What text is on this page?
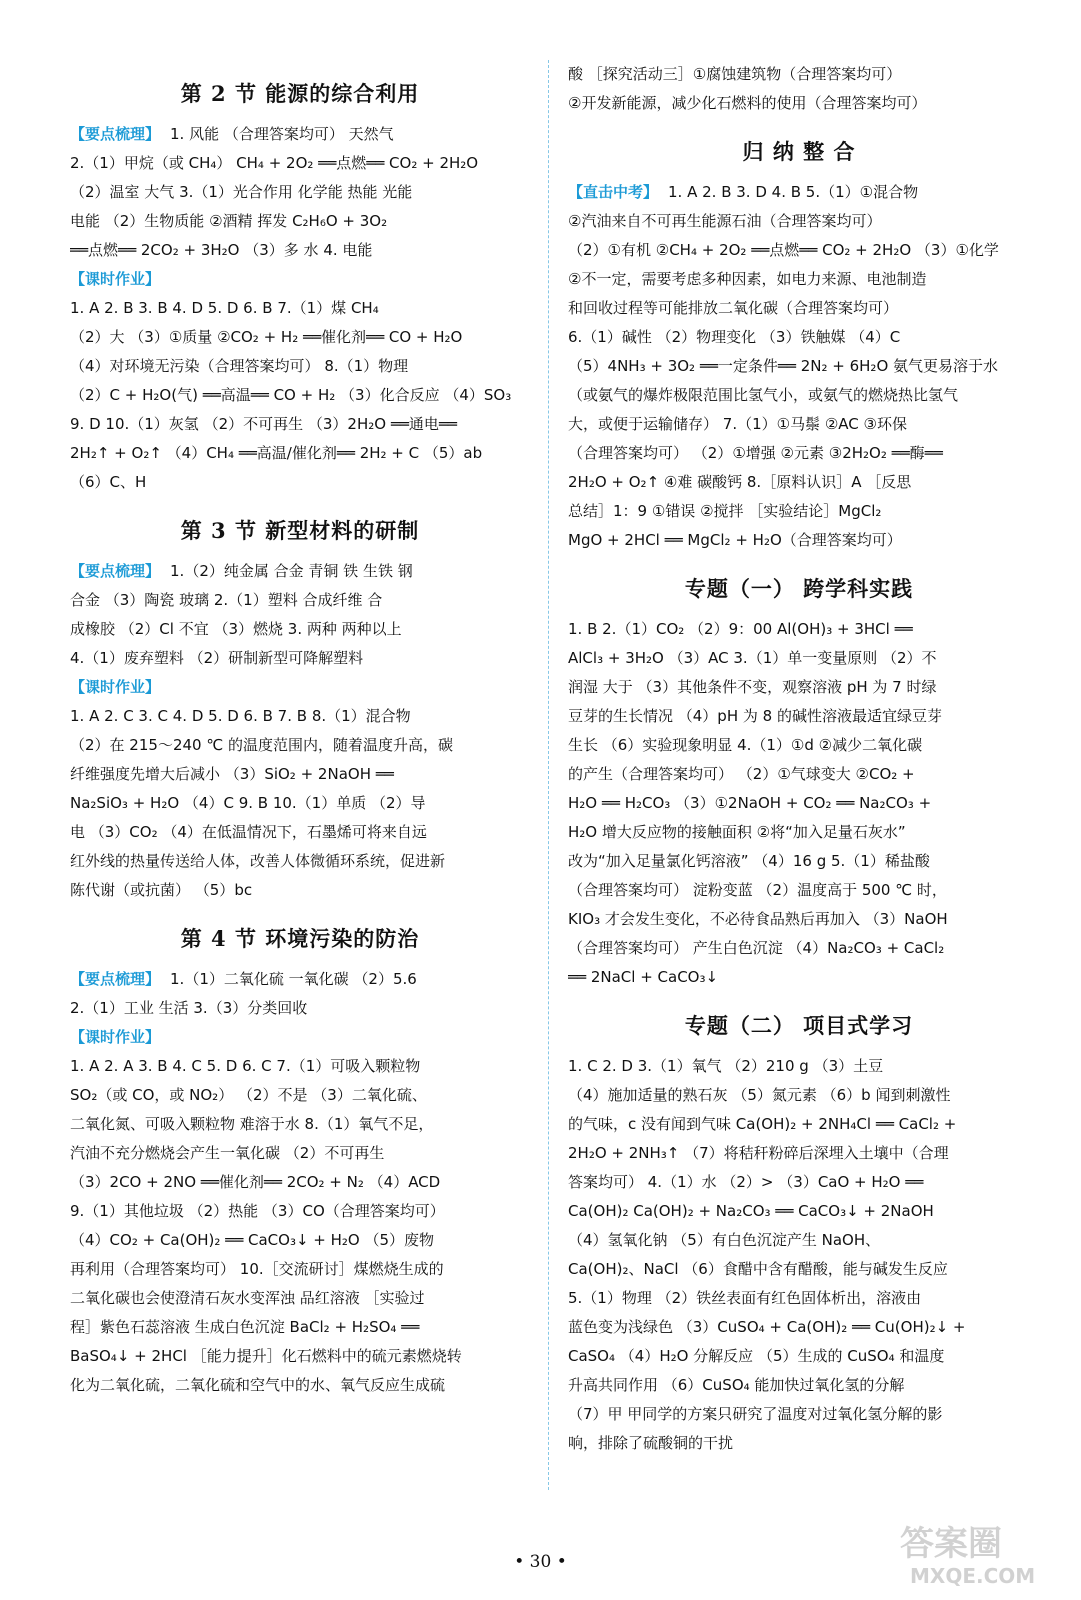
第 2 节 能源的综合利用
【要点梳理】 1. 风能 （合理答案均可） 天然气
2.（1）甲烷（或 CH₄） CH₄ + 2O₂ ══点燃══ CO₂ + 2H₂O
（2）温室 大气 3.（1）光合作用 化学能 热能 光能
电能 （2）生物质能 ②酒精 挥发 C₂H₆O + 3O₂
══点燃══ 2CO₂ + 3H₂O （3）多 水 4. 电能
【课时作业】
1. A 2. B 3. B 4. D 5. D 6. B 7.（1）煤 CH₄
（2）大 （3）①质量 ②CO₂ + H₂ ══催化剂══ CO + H₂O
（4）对环境无污染（合理答案均可） 8.（1）物理
（2）C + H₂O(气) ══高温══ CO + H₂ （3）化合反应 （4）SO₃
9. D 10.（1）灰氢 （2）不可再生 （3）2H₂O ══通电══
2H₂↑ + O₂↑ （4）CH₄ ══高温/催化剂══ 2H₂ + C （5）ab
（6）C、H
第 3 节 新型材料的研制
【要点梳理】 1.（2）纯金属 合金 青铜 铁 生铁 钢
合金 （3）陶瓷 玻璃 2.（1）塑料 合成纤维 合
成橡胶 （2）Cl 不宜 （3）燃烧 3. 两种 两种以上
4.（1）废弃塑料 （2）研制新型可降解塑料
【课时作业】
1. A 2. C 3. C 4. D 5. D 6. B 7. B 8.（1）混合物
（2）在 215～240 ℃ 的温度范围内，随着温度升高，碳
纤维强度先增大后减小 （3）SiO₂ + 2NaOH ══
Na₂SiO₃ + H₂O （4）C 9. B 10.（1）单质 （2）导
电 （3）CO₂ （4）在低温情况下，石墨烯可将来自远
红外线的热量传送给人体，改善人体微循环系统，促进新
陈代谢（或抗菌） （5）bc
第 4 节 环境污染的防治
【要点梳理】 1.（1）二氧化硫 一氧化碳 （2）5.6
2.（1）工业 生活 3.（3）分类回收
【课时作业】
1. A 2. A 3. B 4. C 5. D 6. C 7.（1）可吸入颗粒物
SO₂（或 CO，或 NO₂） （2）不是 （3）二氧化硫、
二氧化氮、可吸入颗粒物 难溶于水 8.（1）氧气不足，
汽油不充分燃烧会产生一氧化碳 （2）不可再生
（3）2CO + 2NO ══催化剂══ 2CO₂ + N₂ （4）ACD
9.（1）其他垃圾 （2）热能 （3）CO（合理答案均可）
（4）CO₂ + Ca(OH)₂ ══ CaCO₃↓ + H₂O （5）废物
再利用（合理答案均可） 10.［交流研讨］煤燃烧生成的
二氧化碳也会使澄清石灰水变浑浊 品红溶液 ［实验过
程］紫色石蕊溶液 生成白色沉淀 BaCl₂ + H₂SO₄ ══
BaSO₄↓ + 2HCl ［能力提升］化石燃料中的硫元素燃烧转
化为二氧化硫，二氧化硫和空气中的水、氧气反应生成硫
酸 ［探究活动三］①腐蚀建筑物（合理答案均可）
②开发新能源，减少化石燃料的使用（合理答案均可）
归 纳 整 合
【直击中考】 1. A 2. B 3. D 4. B 5.（1）①混合物
②汽油来自不可再生能源石油（合理答案均可）
（2）①有机 ②CH₄ + 2O₂ ══点燃══ CO₂ + 2H₂O （3）①化学
②不一定，需要考虑多种因素，如电力来源、电池制造
和回收过程等可能排放二氧化碳（合理答案均可）
6.（1）碱性 （2）物理变化 （3）铁触媒 （4）C
（5）4NH₃ + 3O₂ ══一定条件══ 2N₂ + 6H₂O 氨气更易溶于水
（或氨气的爆炸极限范围比氢气小，或氨气的燃烧热比氢气
大，或便于运输储存） 7.（1）①马鬃 ②AC ③环保
（合理答案均可） （2）①增强 ②元素 ③2H₂O₂ ══酶══
2H₂O + O₂↑ ④难 碳酸钙 8.［原料认识］A ［反思
总结］1：9 ①错误 ②搅拌 ［实验结论］MgCl₂
MgO + 2HCl ══ MgCl₂ + H₂O（合理答案均可）
专题（一） 跨学科实践
1. B 2.（1）CO₂ （2）9：00 Al(OH)₃ + 3HCl ══
AlCl₃ + 3H₂O （3）AC 3.（1）单一变量原则 （2）不
润湿 大于 （3）其他条件不变，观察溶液 pH 为 7 时绿
豆芽的生长情况 （4）pH 为 8 的碱性溶液最适宜绿豆芽
生长 （6）实验现象明显 4.（1）①d ②减少二氧化碳
的产生（合理答案均可） （2）①气球变大 ②CO₂ +
H₂O ══ H₂CO₃ （3）①2NaOH + CO₂ ══ Na₂CO₃ +
H₂O 增大反应物的接触面积 ②将“加入足量石灰水”
改为“加入足量氯化钙溶液” （4）16 g 5.（1）稀盐酸
（合理答案均可） 淀粉变蓝 （2）温度高于 500 ℃ 时，
KIO₃ 才会发生变化，不必待食品熟后再加入 （3）NaOH
（合理答案均可） 产生白色沉淀 （4）Na₂CO₃ + CaCl₂
══ 2NaCl + CaCO₃↓
专题（二） 项目式学习
1. C 2. D 3.（1）氧气 （2）210 g （3）土豆
（4）施加适量的熟石灰 （5）氮元素 （6）b 闻到刺激性
的气味，c 没有闻到气味 Ca(OH)₂ + 2NH₄Cl ══ CaCl₂ +
2H₂O + 2NH₃↑ （7）将秸秆粉碎后深埋入土壤中（合理
答案均可） 4.（1）水 （2）> （3）CaO + H₂O ══
Ca(OH)₂ Ca(OH)₂ + Na₂CO₃ ══ CaCO₃↓ + 2NaOH
（4）氢氧化钠 （5）有白色沉淀产生 NaOH、
Ca(OH)₂、NaCl （6）食醋中含有醋酸，能与碱发生反应
5.（1）物理 （2）铁丝表面有红色固体析出，溶液由
蓝色变为浅绿色 （3）CuSO₄ + Ca(OH)₂ ══ Cu(OH)₂↓ +
CaSO₄ （4）H₂O 分解反应 （5）生成的 CuSO₄ 和温度
升高共同作用 （6）CuSO₄ 能加快过氧化氢的分解
（7）甲 甲同学的方案只研究了温度对过氧化氢分解的影
响，排除了硫酸铜的干扰
• 30 •	答案圈
MXQE.COM
